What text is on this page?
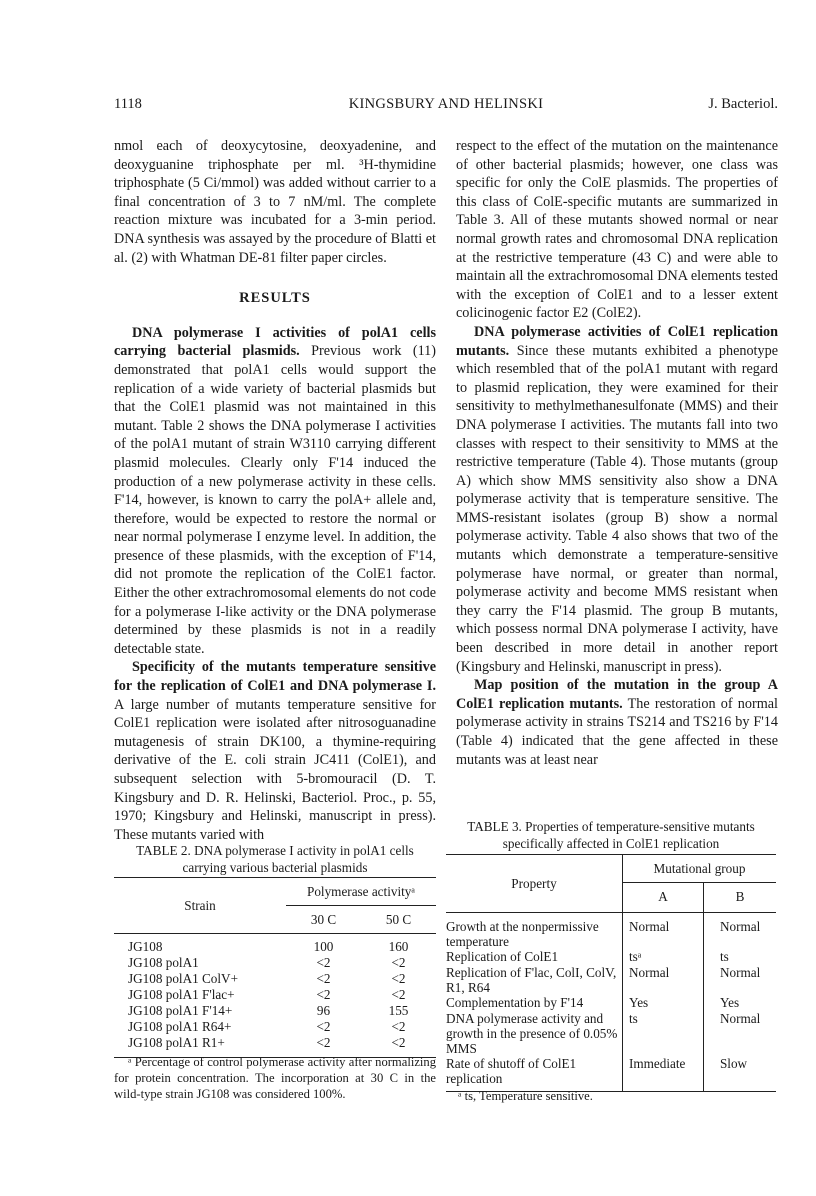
1118	KINGSBURY AND HELINSKI	J. Bacteriol.

nmol each of deoxycytosine, deoxyadenine, and deoxyguanine triphosphate per ml. ³H-thymidine triphosphate (5 Ci/mmol) was added without carrier to a final concentration of 3 to 7 nM/ml. The complete reaction mixture was incubated for a 3-min period. DNA synthesis was assayed by the procedure of Blatti et al. (2) with Whatman DE-81 filter paper circles.

RESULTS

DNA polymerase I activities of polA1 cells carrying bacterial plasmids. Previous work (11) demonstrated that polA1 cells would support the replication of a wide variety of bacterial plasmids but that the ColE1 plasmid was not maintained in this mutant. Table 2 shows the DNA polymerase I activities of the polA1 mutant of strain W3110 carrying different plasmid molecules. Clearly only F'14 induced the production of a new polymerase activity in these cells. F'14, however, is known to carry the polA+ allele and, therefore, would be expected to restore the normal or near normal polymerase I enzyme level. In addition, the presence of these plasmids, with the exception of F'14, did not promote the replication of the ColE1 factor. Either the other extrachromosomal elements do not code for a polymerase I-like activity or the DNA polymerase determined by these plasmids is not in a readily detectable state.

Specificity of the mutants temperature sensitive for the replication of ColE1 and DNA polymerase I. A large number of mutants temperature sensitive for ColE1 replication were isolated after nitrosoguanadine mutagenesis of strain DK100, a thymine-requiring derivative of the E. coli strain JC411 (ColE1), and subsequent selection with 5-bromouracil (D. T. Kingsbury and D. R. Helinski, Bacteriol. Proc., p. 55, 1970; Kingsbury and Helinski, manuscript in press). These mutants varied with

respect to the effect of the mutation on the maintenance of other bacterial plasmids; however, one class was specific for only the ColE plasmids. The properties of this class of ColE-specific mutants are summarized in Table 3. All of these mutants showed normal or near normal growth rates and chromosomal DNA replication at the restrictive temperature (43 C) and were able to maintain all the extrachromosomal DNA elements tested with the exception of ColE1 and to a lesser extent colicinogenic factor E2 (ColE2).

DNA polymerase activities of ColE1 replication mutants. Since these mutants exhibited a phenotype which resembled that of the polA1 mutant with regard to plasmid replication, they were examined for their sensitivity to methylmethanesulfonate (MMS) and their DNA polymerase I activities. The mutants fall into two classes with respect to their sensitivity to MMS at the restrictive temperature (Table 4). Those mutants (group A) which show MMS sensitivity also show a DNA polymerase activity that is temperature sensitive. The MMS-resistant isolates (group B) show a normal polymerase activity. Table 4 also shows that two of the mutants which demonstrate a temperature-sensitive polymerase have normal, or greater than normal, polymerase activity and become MMS resistant when they carry the F'14 plasmid. The group B mutants, which possess normal DNA polymerase I activity, have been described in more detail in another report (Kingsbury and Helinski, manuscript in press).

Map position of the mutation in the group A ColE1 replication mutants. The restoration of normal polymerase activity in strains TS214 and TS216 by F'14 (Table 4) indicated that the gene affected in these mutants was at least near

TABLE 2. DNA polymerase I activity in polA1 cells carrying various bacterial plasmids
Strain	Polymerase activityᵃ	
	30 C	50 C
JG108	100	160
JG108 polA1	<2	<2
JG108 polA1 ColV+	<2	<2
JG108 polA1 F'lac+	<2	<2
JG108 polA1 F'14+	96	155
JG108 polA1 R64+	<2	<2
JG108 polA1 R1+	<2	<2
ᵃ Percentage of control polymerase activity after normalizing for protein concentration. The incorporation at 30 C in the wild-type strain JG108 was considered 100%.
TABLE 3. Properties of temperature-sensitive mutants specifically affected in ColE1 replication
Property	Mutational group	
	A	B
Growth at the nonpermissive temperature	Normal	Normal
Replication of ColE1	tsᵃ	ts
Replication of F'lac, ColI, ColV, R1, R64	Normal	Normal
Complementation by F'14	Yes	Yes
DNA polymerase activity and growth in the presence of 0.05% MMS	ts	Normal
Rate of shutoff of ColE1 replication	Immediate	Slow
ᵃ ts, Temperature sensitive.
